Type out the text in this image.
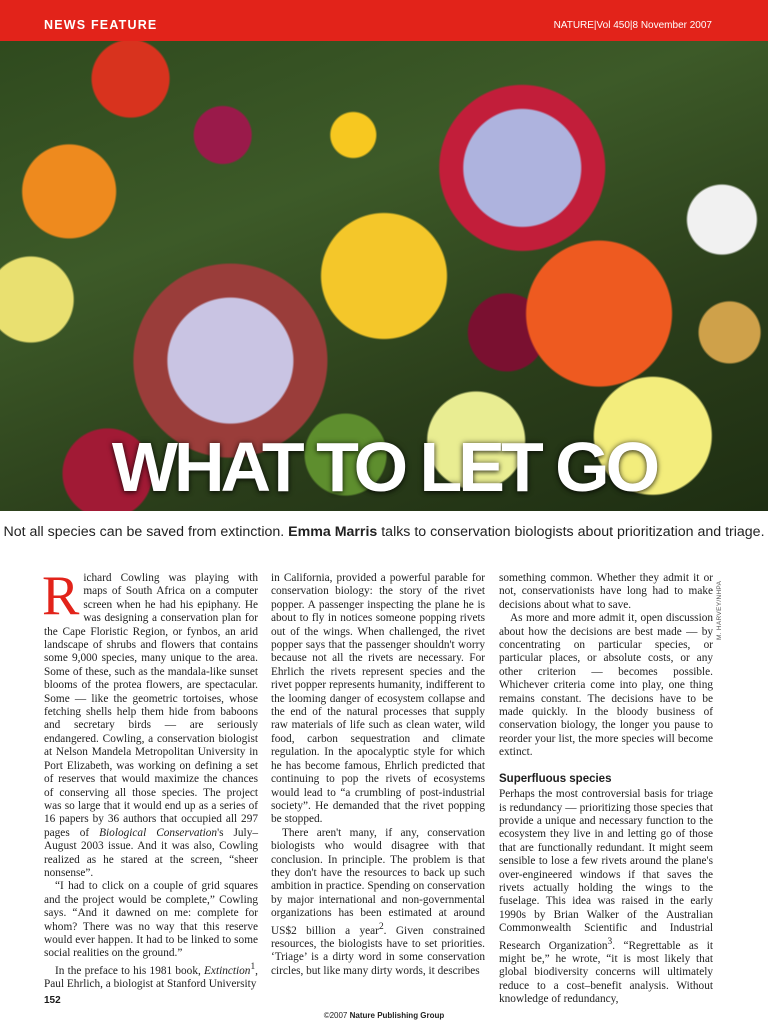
NEWS FEATURE	NATURE|Vol 450|8 November 2007
WHAT TO LET GO
Not all species can be saved from extinction. Emma Marris talks to conservation biologists about prioritization and triage.
M. HARVEY/NHPA

Richard Cowling was playing with maps of South Africa on a computer screen when he had his epiphany. He was designing a conservation plan for the Cape Floristic Region, or fynbos, an arid landscape of shrubs and flowers that contains some 9,000 species, many unique to the area. Some of these, such as the mandala-like sunset blooms of the protea flowers, are spectacular. Some — like the geometric tortoises, whose fetching shells help them hide from baboons and secretary birds — are seriously endangered. Cowling, a conservation biologist at Nelson Mandela Metropolitan University in Port Elizabeth, was working on defining a set of reserves that would maximize the chances of conserving all those species. The project was so large that it would end up as a series of 16 papers by 36 authors that occupied all 297 pages of Biological Conservation's July–August 2003 issue. And it was also, Cowling realized as he stared at the screen, “sheer nonsense”.

“I had to click on a couple of grid squares and the project would be complete,” Cowling says. “And it dawned on me: complete for whom? There was no way that this reserve would ever happen. It had to be linked to some social realities on the ground.”

In the preface to his 1981 book, Extinction$^1$, Paul Ehrlich, a biologist at Stanford University

in California, provided a powerful parable for conservation biology: the story of the rivet popper. A passenger inspecting the plane he is about to fly in notices someone popping rivets out of the wings. When challenged, the rivet popper says that the passenger shouldn't worry because not all the rivets are necessary. For Ehrlich the rivets represent species and the rivet popper represents humanity, indifferent to the looming danger of ecosystem collapse and the end of the natural processes that supply raw materials of life such as clean water, wild food, carbon sequestration and climate regulation. In the apocalyptic style for which he has become famous, Ehrlich predicted that continuing to pop the rivets of ecosystems would lead to “a crumbling of post-industrial society”. He demanded that the rivet popping be stopped.

There aren't many, if any, conservation biologists who would disagree with that conclusion. In principle. The problem is that they don't have the resources to back up such ambition in practice. Spending on conservation by major international and non-governmental organizations has been estimated at around US$2 billion a year$^2$. Given constrained resources, the biologists have to set priorities. ‘Triage’ is a dirty word in some conservation circles, but like many dirty words, it describes

something common. Whether they admit it or not, conservationists have long had to make decisions about what to save.

As more and more admit it, open discussion about how the decisions are best made — by concentrating on particular species, or particular places, or absolute costs, or any other criterion — becomes possible. Whichever criteria come into play, one thing remains constant. The decisions have to be made quickly. In the bloody business of conservation biology, the longer you pause to reorder your list, the more species will become extinct.

Superfluous species

Perhaps the most controversial basis for triage is redundancy — prioritizing those species that provide a unique and necessary function to the ecosystem they live in and letting go of those that are functionally redundant. It might seem sensible to lose a few rivets around the plane's over-engineered windows if that saves the rivets actually holding the wings to the fuselage. This idea was raised in the early 1990s by Brian Walker of the Australian Commonwealth Scientific and Industrial Research Organization$^3$. “Regrettable as it might be,” he wrote, “it is most likely that global biodiversity concerns will ultimately reduce to a cost–benefit analysis. Without knowledge of redundancy,

152
©2007 Nature Publishing Group
